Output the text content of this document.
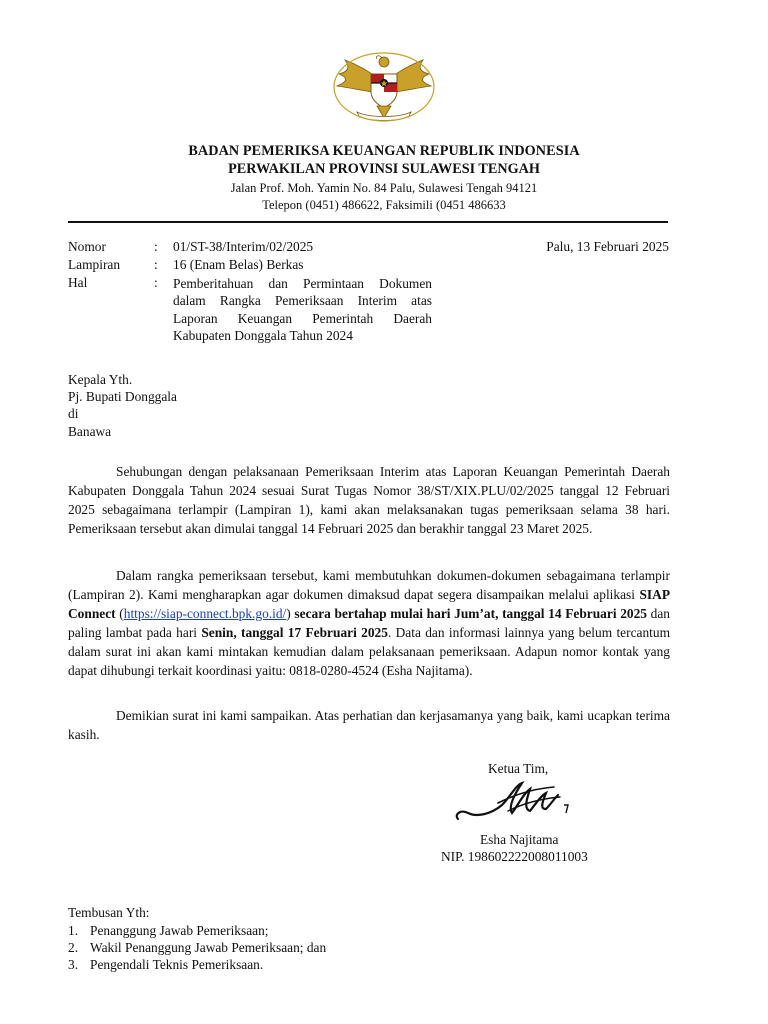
BADAN PEMERIKSA KEUANGAN REPUBLIK INDONESIA
PERWAKILAN PROVINSI SULAWESI TENGAH
Jalan Prof. Moh. Yamin No. 84 Palu, Sulawesi Tengah 94121
Telepon (0451) 486622, Faksimili (0451 486633
Nomor	: 01/ST-38/Interim/02/2025	Palu, 13 Februari 2025
Lampiran	: 16 (Enam Belas) Berkas
Hal	: Pemberitahuan dan Permintaan Dokumen dalam Rangka Pemeriksaan Interim atas Laporan Keuangan Pemerintah Daerah Kabupaten Donggala Tahun 2024
Kepala Yth.
Pj. Bupati Donggala
di
Banawa
Sehubungan dengan pelaksanaan Pemeriksaan Interim atas Laporan Keuangan Pemerintah Daerah Kabupaten Donggala Tahun 2024 sesuai Surat Tugas Nomor 38/ST/XIX.PLU/02/2025 tanggal 12 Februari 2025 sebagaimana terlampir (Lampiran 1), kami akan melaksanakan tugas pemeriksaan selama 38 hari. Pemeriksaan tersebut akan dimulai tanggal 14 Februari 2025 dan berakhir tanggal 23 Maret 2025.
Dalam rangka pemeriksaan tersebut, kami membutuhkan dokumen-dokumen sebagaimana terlampir (Lampiran 2). Kami mengharapkan agar dokumen dimaksud dapat segera disampaikan melalui aplikasi SIAP Connect (https://siap-connect.bpk.go.id/) secara bertahap mulai hari Jum’at, tanggal 14 Februari 2025 dan paling lambat pada hari Senin, tanggal 17 Februari 2025. Data dan informasi lainnya yang belum tercantum dalam surat ini akan kami mintakan kemudian dalam pelaksanaan pemeriksaan. Adapun nomor kontak yang dapat dihubungi terkait koordinasi yaitu: 0818-0280-4524 (Esha Najitama).
Demikian surat ini kami sampaikan. Atas perhatian dan kerjasamanya yang baik, kami ucapkan terima kasih.
Ketua Tim,
Esha Najitama
NIP. 198602222008011003
Tembusan Yth:
1. Penanggung Jawab Pemeriksaan;
2. Wakil Penanggung Jawab Pemeriksaan; dan
3. Pengendali Teknis Pemeriksaan.
